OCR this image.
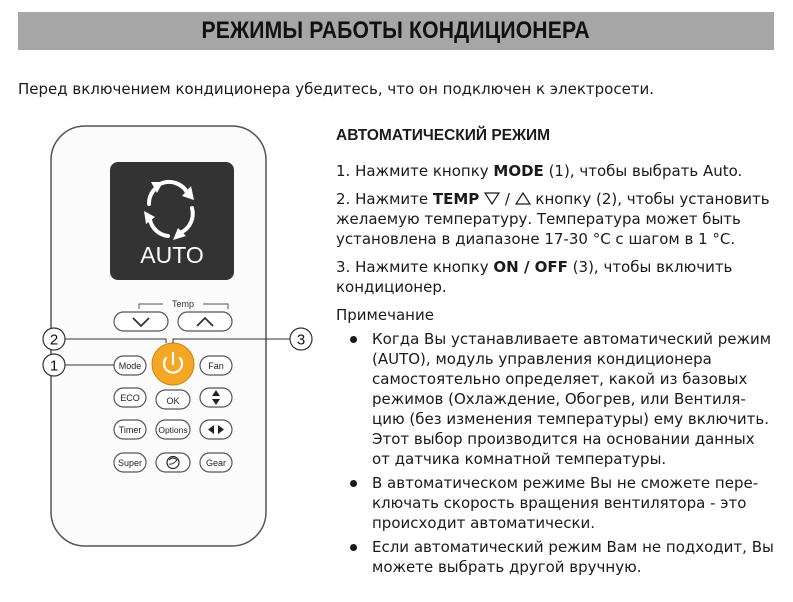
РЕЖИМЫ РАБОТЫ КОНДИЦИОНЕРА
Перед включением кондиционера убедитесь, что он подключен к электросети.
AUTO
Temp
Mode	Fan
ECO	OK
Timer Options
Super	Gear
2
1
3
АВТОМАТИЧЕСКИЙ РЕЖИМ
1. Нажмите кнопку MODE (1), чтобы выбрать Auto.
2. Нажмите TEMP  /  кнопку (2), чтобы установить
желаемую температуру. Температура может быть
установлена в диапазоне 17-30 °C с шагом в 1 °C.
3. Нажмите кнопку ON / OFF (3), чтобы включить
кондиционер.
Примечание
Когда Вы устанавливаете автоматический режим
(AUTO), модуль управления кондиционера
самостоятельно определяет, какой из базовых
режимов (Охлаждение, Обогрев, или Вентиля-
цию (без изменения температуры) ему включить.
Этот выбор производится на основании данных
от датчика комнатной температуры.
В автоматическом режиме Вы не сможете пере-
ключать скорость вращения вентилятора - это
происходит автоматически.
Если автоматический режим Вам не подходит, Вы
можете выбрать другой вручную.
